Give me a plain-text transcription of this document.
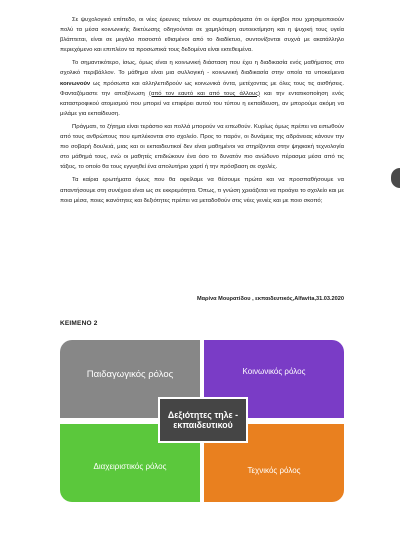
Σε ψυχολογικό επίπεδο, οι νέες έρευνες τείνουν σε συμπεράσματα ότι οι έφηβοι που χρησιμοποιούν πολύ τα μέσα κοινωνικής δικτύωσης οδηγούνται σε χαμηλότερη αυτοεκτίμηση και η ψυχική τους υγεία βλάπτεται, είναι σε μεγάλο ποσοστό εθισμένοι από το διαδίκτυο, συντονίζονται συχνά με ακατάλληλο περιεχόμενο και επιπλέον τα προσωπικά τους δεδομένα είναι εκτεθειμένα.

Το σημαντικότερο, ίσως, όμως είναι η κοινωνική διάσταση που έχει η διαδικασία ενός μαθήματος στο σχολικό περιβάλλον. Το μάθημα είναι μια συλλογική - κοινωνική διαδικασία στην οποία τα υποκείμενα κοινωνούν ως πρόσωπα και αλληλεπιδρούν ως κοινωνικά όντα, μετέχοντας με όλες τους τις αισθήσεις. Φανταζόμαστε την αποξένωση (από τον εαυτό και από τους άλλους) και την εντατικοποίηση ενός καταστροφικού ατομισμού που μπορεί να επιφέρει αυτού του τύπου η εκπαίδευση, αν μπορούμε ακόμη να μιλάμε για εκπαίδευση.

Πράγματι, το ζήτημα είναι τεράστιο και πολλά μπορούν να ειπωθούν. Κυρίως όμως πρέπει να ειπωθούν από τους ανθρώπους που εμπλέκονται στο σχολείο. Προς το παρόν, οι δυνάμεις της αδράνειας κάνουν την πιο σοβαρή δουλειά, μιας και οι εκπαιδευτικοί δεν είναι μαθημένοι να στηρίζονται στην ψηφιακή τεχνολογία στο μάθημά τους, ενώ οι μαθητές επιδιώκουν ένα όσο το δυνατόν πιο ανώδυνο πέρασμα μέσα από τις τάξεις, το οποίο θα τους εγγυηθεί ένα απολυτήριο χαρτί ή την πρόσβαση σε σχολές.

Τα καίρια ερωτήματα όμως που θα οφείλαμε να θέσουμε πρώτα και να προσπαθήσουμε να απαντήσουμε στη συνέχεια είναι ως σε εκκρεμότητα. Όπως, τι γνώση χρειάζεται να προάγει το σχολείο και με ποια μέσα, ποιες ικανότητες και δεξιότητες πρέπει να μεταδοθούν στις νέες γενιές και με ποιο σκοπό;

Μαρίνα Μουρατίδου , εκπαιδευτικός,Alfavita,31.03.2020
ΚΕΙΜΕΝΟ 2
Παιδαγωγικός ρόλος	Κοινωνικός ρόλος
Διαχειριστικός ρόλος	Τεχνικός ρόλος
Δεξιότητες τηλε - εκπαιδευτικού
